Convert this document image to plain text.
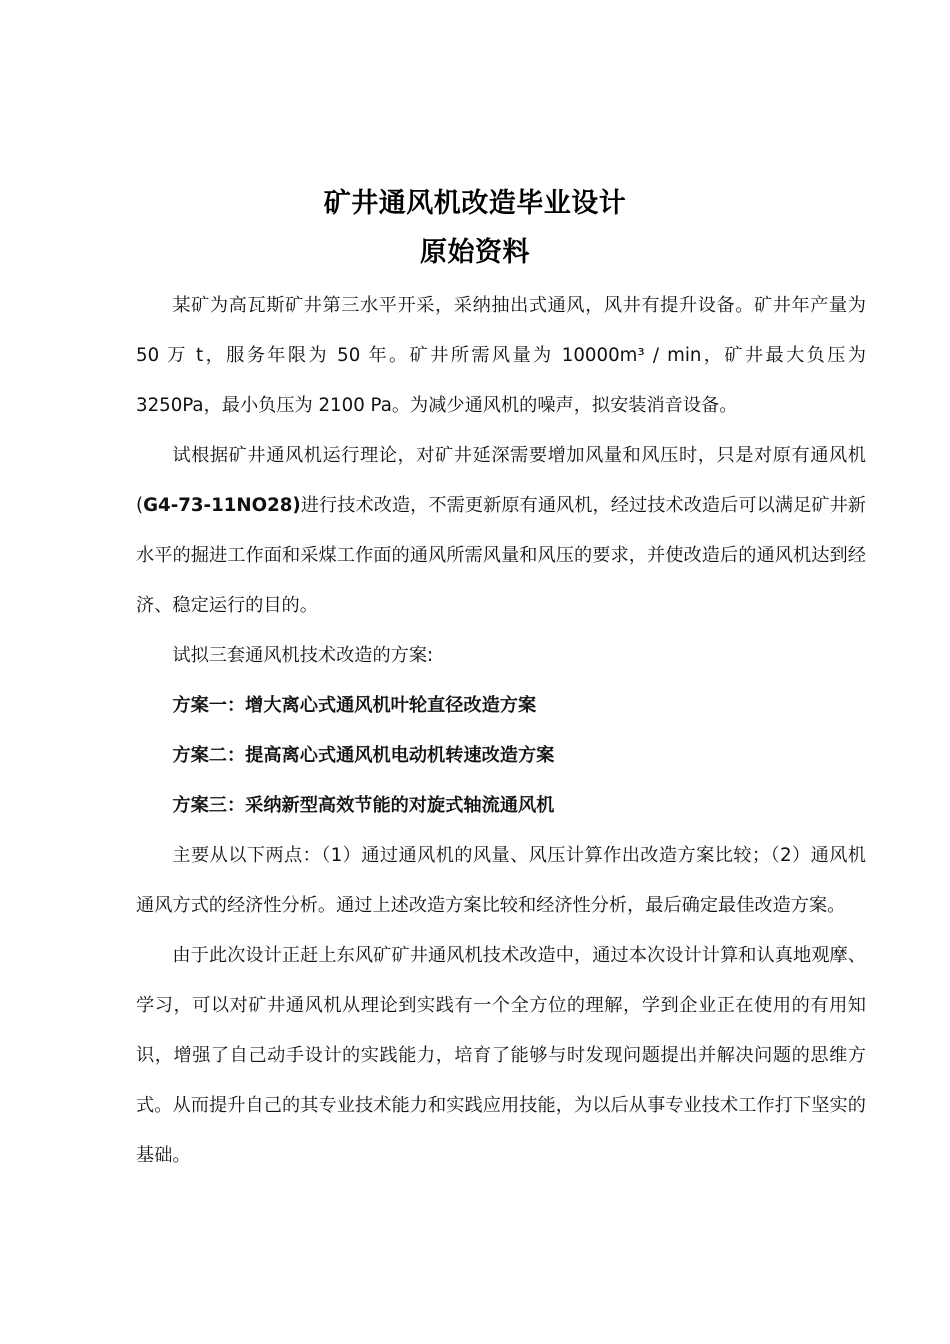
矿井通风机改造毕业设计
原始资料

某矿为高瓦斯矿井第三水平开采，采纳抽出式通风，风井有提升设备。矿井年产量为 50 万 t，服务年限为 50 年。矿井所需风量为 10000m³ / min，矿井最大负压为 3250Pa，最小负压为 2100 Pa。为减少通风机的噪声，拟安装消音设备。

试根据矿井通风机运行理论，对矿井延深需要增加风量和风压时，只是对原有通风机(G4-73-11NO28)进行技术改造，不需更新原有通风机，经过技术改造后可以满足矿井新水平的掘进工作面和采煤工作面的通风所需风量和风压的要求，并使改造后的通风机达到经济、稳定运行的目的。

试拟三套通风机技术改造的方案:

方案一：增大离心式通风机叶轮直径改造方案

方案二：提高离心式通风机电动机转速改造方案

方案三：采纳新型高效节能的对旋式轴流通风机

主要从以下两点：（1）通过通风机的风量、风压计算作出改造方案比较；（2）通风机通风方式的经济性分析。通过上述改造方案比较和经济性分析，最后确定最佳改造方案。

由于此次设计正赶上东风矿矿井通风机技术改造中，通过本次设计计算和认真地观摩、学习，可以对矿井通风机从理论到实践有一个全方位的理解，学到企业正在使用的有用知识，增强了自己动手设计的实践能力，培育了能够与时发现问题提出并解决问题的思维方式。从而提升自己的其专业技术能力和实践应用技能，为以后从事专业技术工作打下坚实的基础。
